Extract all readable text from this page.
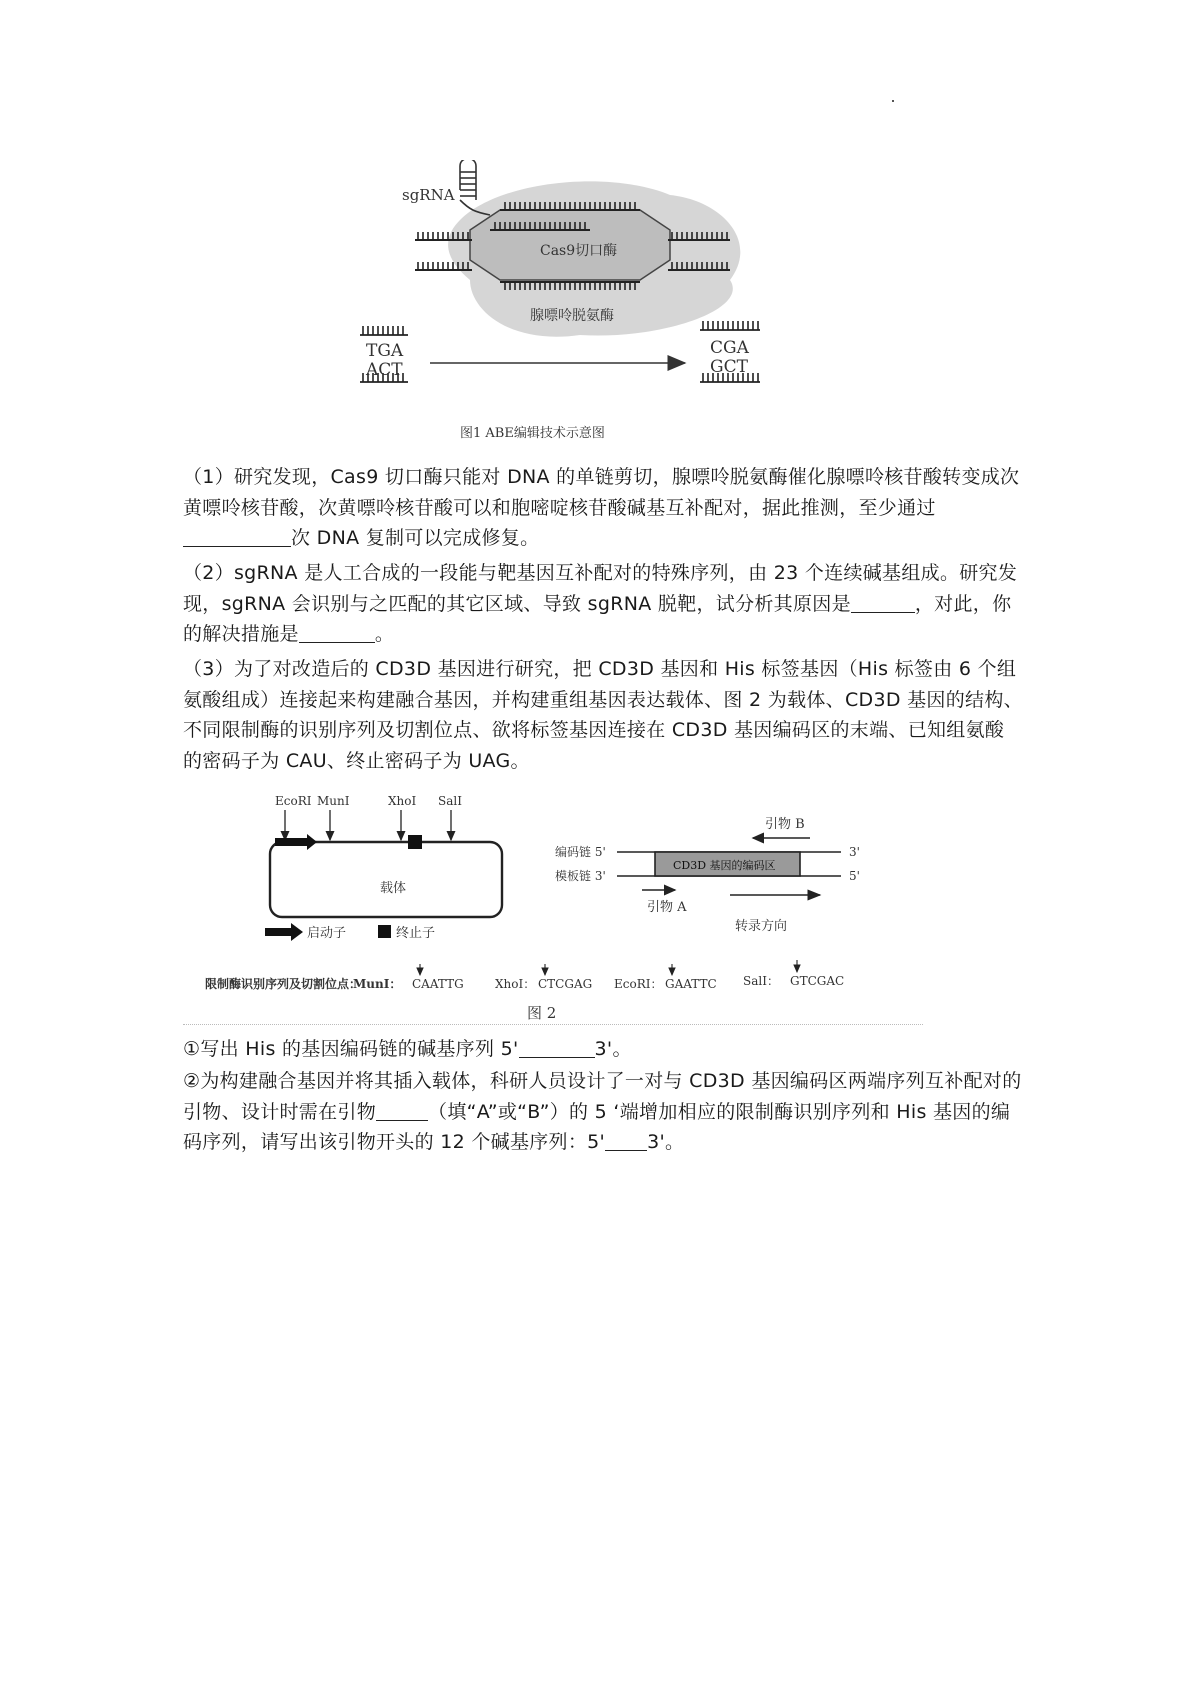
sgRNA
Cas9切口酶
腺嘌呤脱氨酶
TGA
ACT
CGA
GCT
图1 ABE编辑技术示意图
（1）研究发现，Cas9 切口酶只能对 DNA 的单链剪切，腺嘌呤脱氨酶催化腺嘌呤核苷酸转变成次黄嘌呤核苷酸，次黄嘌呤核苷酸可以和胞嘧啶核苷酸碱基互补配对，据此推测，至少通过次 DNA 复制可以完成修复。
（2）sgRNA 是人工合成的一段能与靶基因互补配对的特殊序列，由 23 个连续碱基组成。研究发现，sgRNA 会识别与之匹配的其它区域、导致 sgRNA 脱靶，试分析其原因是	，对此，你的解决措施是	。
（3）为了对改造后的 CD3D 基因进行研究，把 CD3D 基因和 His 标签基因（His 标签由 6 个组氨酸组成）连接起来构建融合基因，并构建重组基因表达载体、图 2 为载体、CD3D 基因的结构、不同限制酶的识别序列及切割位点、欲将标签基因连接在 CD3D 基因编码区的末端、已知组氨酸的密码子为 CAU、终止密码子为 UAG。
EcoRI MunI	XhoI SalI
载体
启动子	终止子
编码链 5'
模板链 3'
CD3D 基因的编码区
3'
5'
引物 B
引物 A
转录方向
限制酶识别序列及切割位点：
MunI： CAATTG	XhoI： CTCGAG EcoRI： GAATTC SalI： GTCGAC
图 2
①写出 His 的基因编码链的碱基序列 5'	3'。
②为构建融合基因并将其插入载体，科研人员设计了一对与 CD3D 基因编码区两端序列互补配对的引物、设计时需在引物	（填“A”或“B”）的 5 ‘端增加相应的限制酶识别序列和 His 基因的编码序列，请写出该引物开头的 12 个碱基序列：5' 3'。
